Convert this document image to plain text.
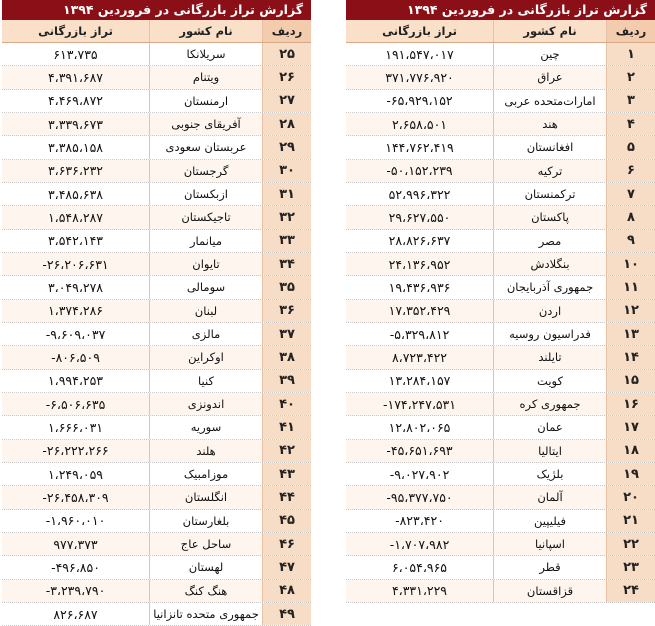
گزارش تراز بازرگانی در فروردین ۱۳۹۴
ردیف
نام کشور
تراز بازرگانی
۲۵
سریلانکا
۶۱۳،۷۳۵
۲۶
ویتنام
۴،۳۹۱،۶۸۷
۲۷
ارمنستان
۴،۴۶۹،۸۷۲
۲۸
آفریقای جنوبی
۳،۳۳۹،۶۷۳
۲۹
عربستان سعودی
۳،۳۸۵،۱۵۸
۳۰
گرجستان
۳،۶۳۶،۲۳۲
۳۱
ازبکستان
۳،۴۸۵،۶۳۸
۳۲
تاجیکستان
۱،۵۴۸،۲۸۷
۳۳
میانمار
۳،۵۴۲،۱۴۳
۳۴
تایوان
-۲۶،۲۰۶،۶۳۱
۳۵
سومالی
۳،۰۴۹،۲۷۸
۳۶
لبنان
۱،۳۷۴،۲۸۶
۳۷
مالزی
-۹،۶۰۹،۰۳۷
۳۸
اوکراین
-۸۰۶،۵۰۹
۳۹
کنیا
۱،۹۹۴،۲۵۳
۴۰
اندونزی
-۶،۵۰۶،۶۳۵
۴۱
سوریه
۱،۶۶۶،۰۳۱
۴۲
هلند
-۲۶،۲۲۲،۲۶۶
۴۳
موزامبیک
۱،۲۴۹،۰۵۹
۴۴
انگلستان
-۲۶،۴۵۸،۳۰۹
۴۵
بلغارستان
-۱،۹۶۰،۰۱۰
۴۶
ساحل عاج
۹۷۷،۳۷۳
۴۷
لهستان
-۴۹۶،۸۵۰
۴۸
هنگ کنگ
-۳،۲۳۹،۷۹۰
۴۹
جمهوری متحده تانزانیا
۸۲۶،۶۸۷
گزارش تراز بازرگانی در فروردین ۱۳۹۴
ردیف
نام کشور
تراز بازرگانی
۱
چین
۱۹۱،۵۴۷،۰۱۷
۲
عراق
۳۷۱،۷۷۶،۹۲۰
۳
امارات‌متحده عربی
-۶۵،۹۲۹،۱۵۲
۴
هند
۲،۶۵۸،۵۰۱
۵
افغانستان
۱۴۴،۷۶۲،۴۱۹
۶
ترکیه
-۵۰،۱۵۲،۲۳۹
۷
ترکمنستان
۵۲،۹۹۶،۳۲۲
۸
پاکستان
۲۹،۶۲۷،۵۵۰
۹
مصر
۲۸،۸۲۶،۶۳۷
۱۰
بنگلادش
۲۴،۱۳۶،۹۵۲
۱۱
جمهوری آذربایجان
۱۹،۴۳۶،۹۳۶
۱۲
اردن
۱۷،۳۵۲،۴۲۹
۱۳
فدراسیون روسیه
-۵،۳۲۹،۸۱۲
۱۴
تایلند
۸،۷۲۳،۴۲۲
۱۵
کویت
۱۳،۲۸۴،۱۵۷
۱۶
جمهوری کره
-۱۷۴،۲۴۷،۵۳۱
۱۷
عمان
۱۲،۸۰۲،۰۶۵
۱۸
ایتالیا
-۴۵،۶۵۱،۶۹۳
۱۹
بلژیک
-۹،۰۲۷،۹۰۲
۲۰
آلمان
-۹۵،۳۷۷،۷۵۰
۲۱
فیلیپین
-۸۲۳،۴۲۰
۲۲
اسپانیا
-۱،۷۰۷،۹۸۲
۲۳
قطر
۶،۰۵۴،۹۶۵
۲۴
قزاقستان
۴،۳۳۱،۲۲۹
